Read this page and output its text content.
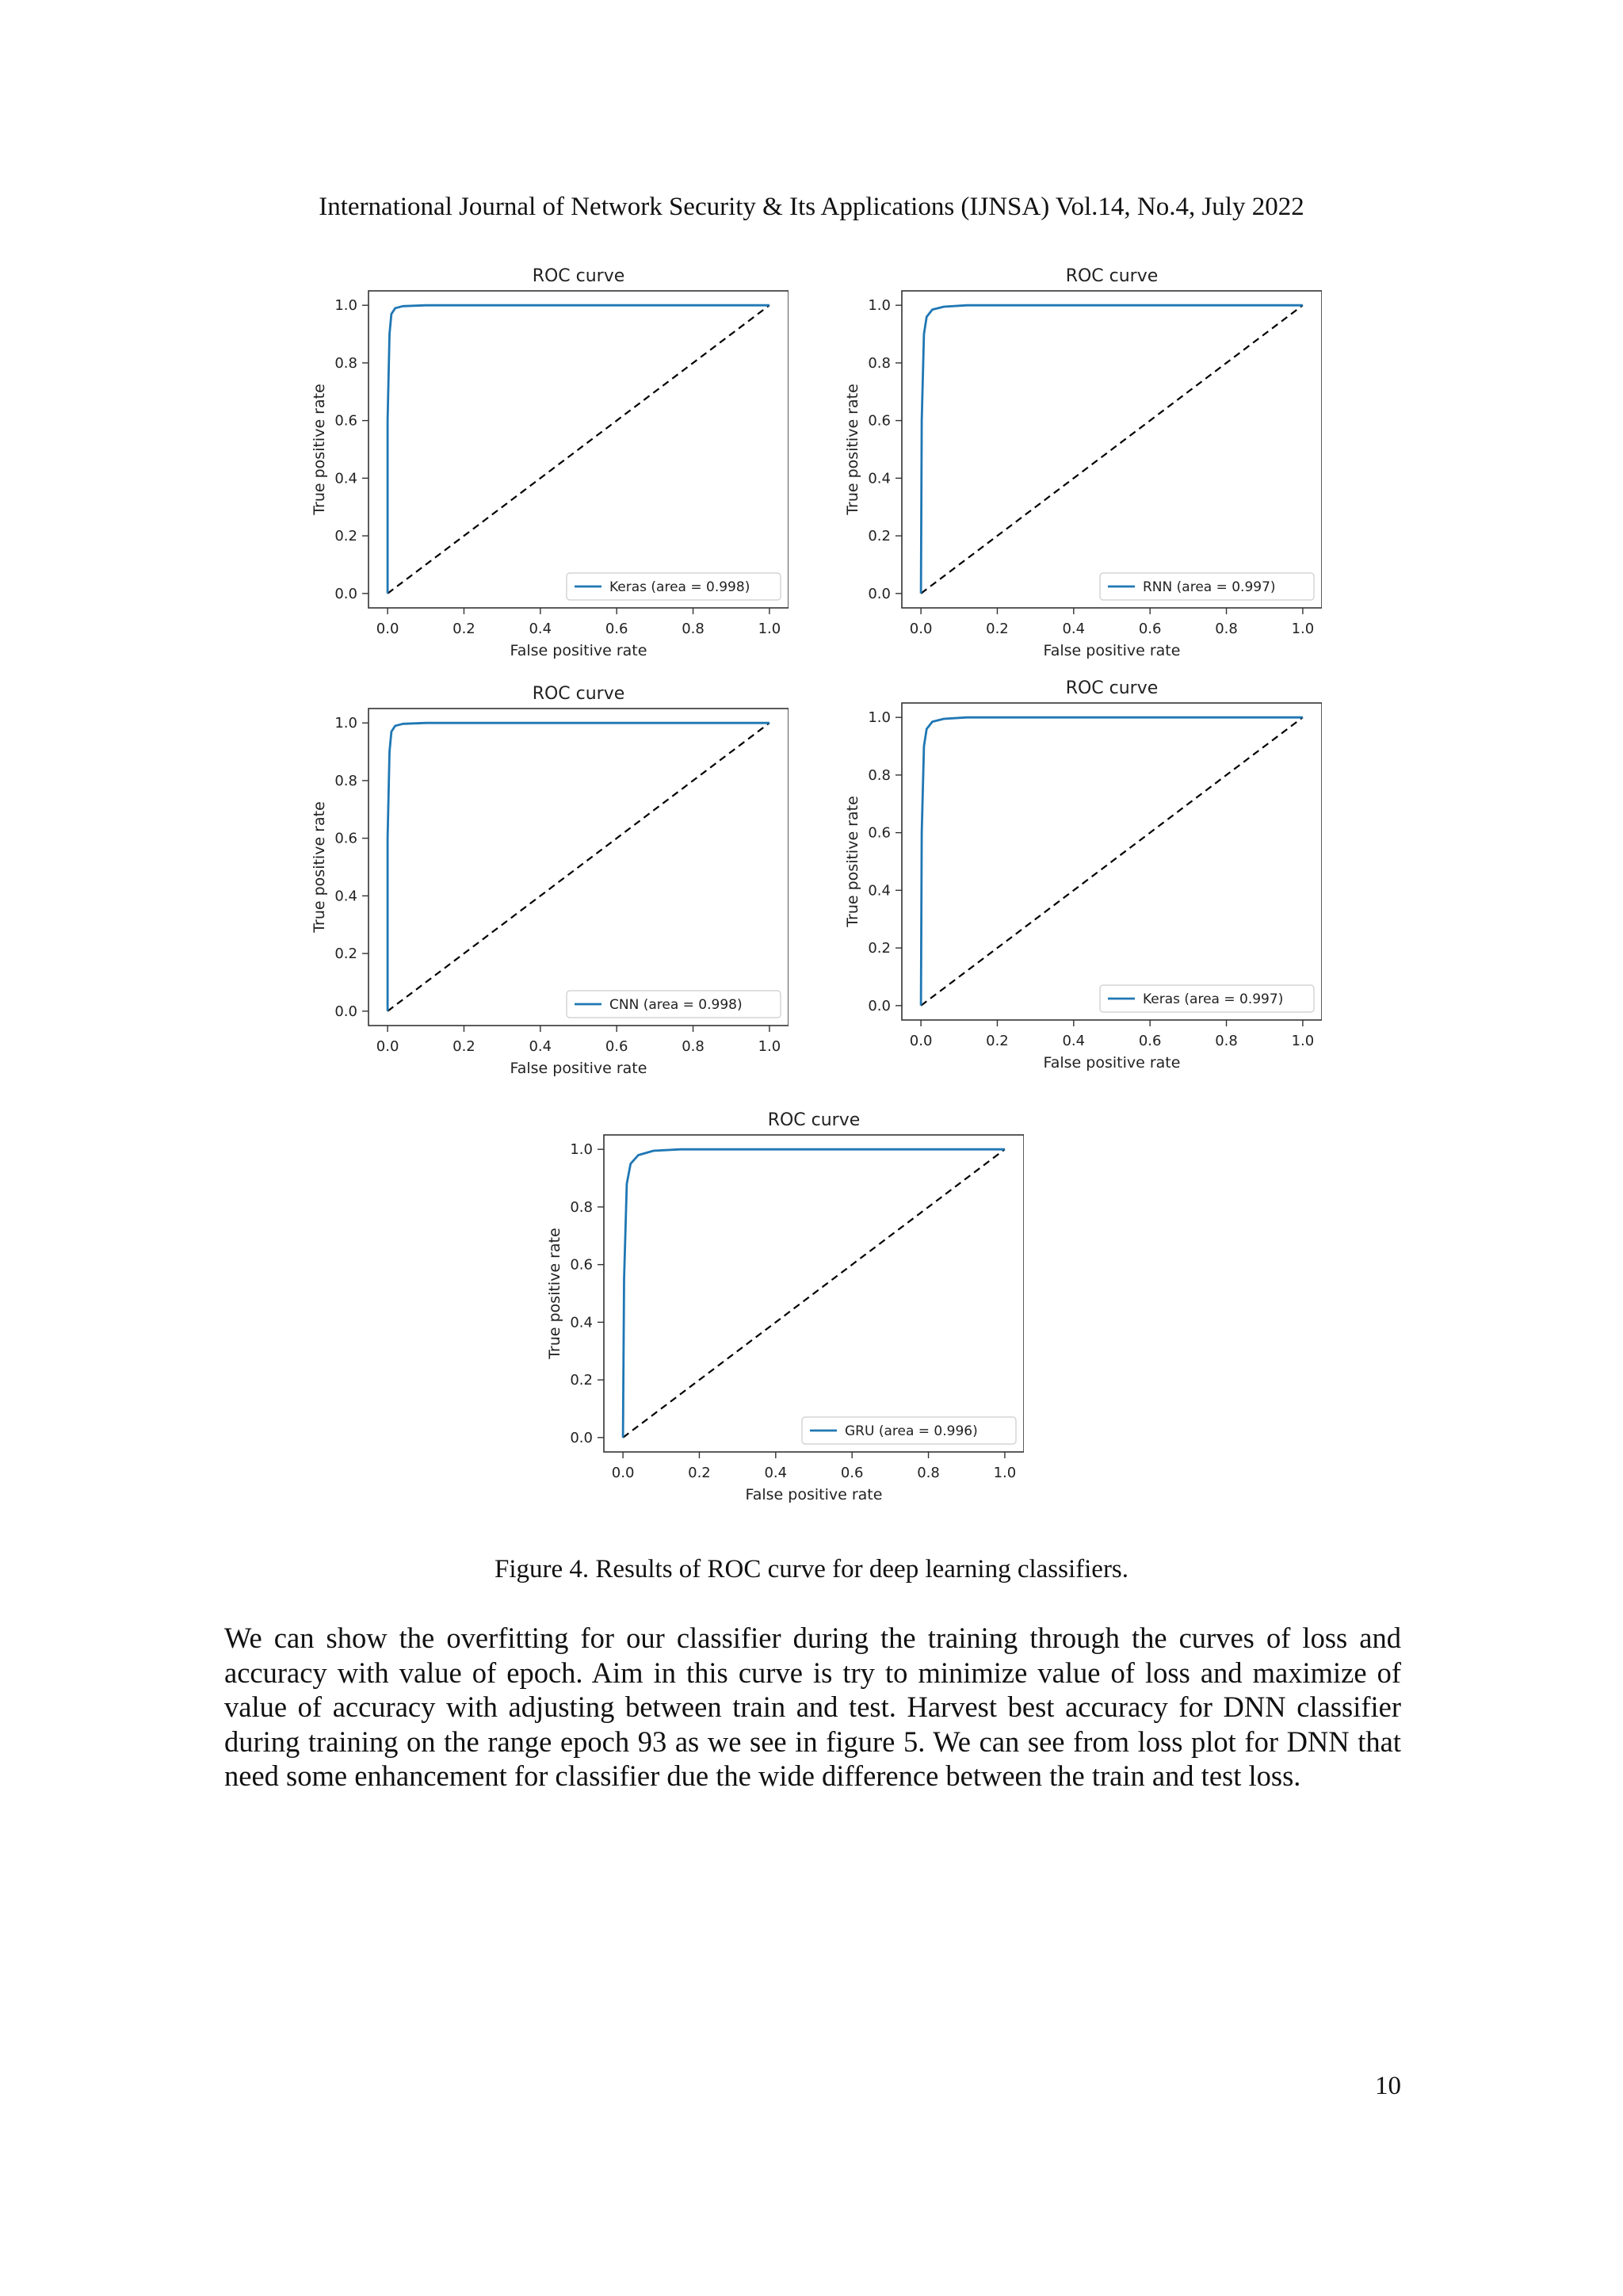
International Journal of Network Security & Its Applications (IJNSA) Vol.14, No.4, July 2022
ROC curve
0.0	0.2	0.4	0.6	0.8	1.0
0.0
0.2
0.4
0.6
0.8
1.0
False positive rate
True positive rate
Keras (area = 0.998)
ROC curve
0.0	0.2	0.4	0.6	0.8	1.0
0.0
0.2
0.4
0.6
0.8
1.0
False positive rate
True positive rate
RNN (area = 0.997)
ROC curve
0.0	0.2	0.4	0.6	0.8	1.0
0.0
0.2
0.4
0.6
0.8
1.0
False positive rate
True positive rate
CNN (area = 0.998)
ROC curve
0.0	0.2	0.4	0.6	0.8	1.0
0.0
0.2
0.4
0.6
0.8
1.0
False positive rate
True positive rate
Keras (area = 0.997)
ROC curve
0.0	0.2	0.4	0.6	0.8	1.0
0.0
0.2
0.4
0.6
0.8
1.0
False positive rate
True positive rate
GRU (area = 0.996)
Figure 4. Results of ROC curve for deep learning classifiers.

We can show the overfitting for our classifier during the training through the curves of loss and accuracy with value of epoch. Aim in this curve is try to minimize value of loss and maximize of value of accuracy with adjusting between train and test. Harvest best accuracy for DNN classifier during training on the range epoch 93 as we see in figure 5. We can see from loss plot for DNN that need some enhancement for classifier due the wide difference between the train and test loss.

10
